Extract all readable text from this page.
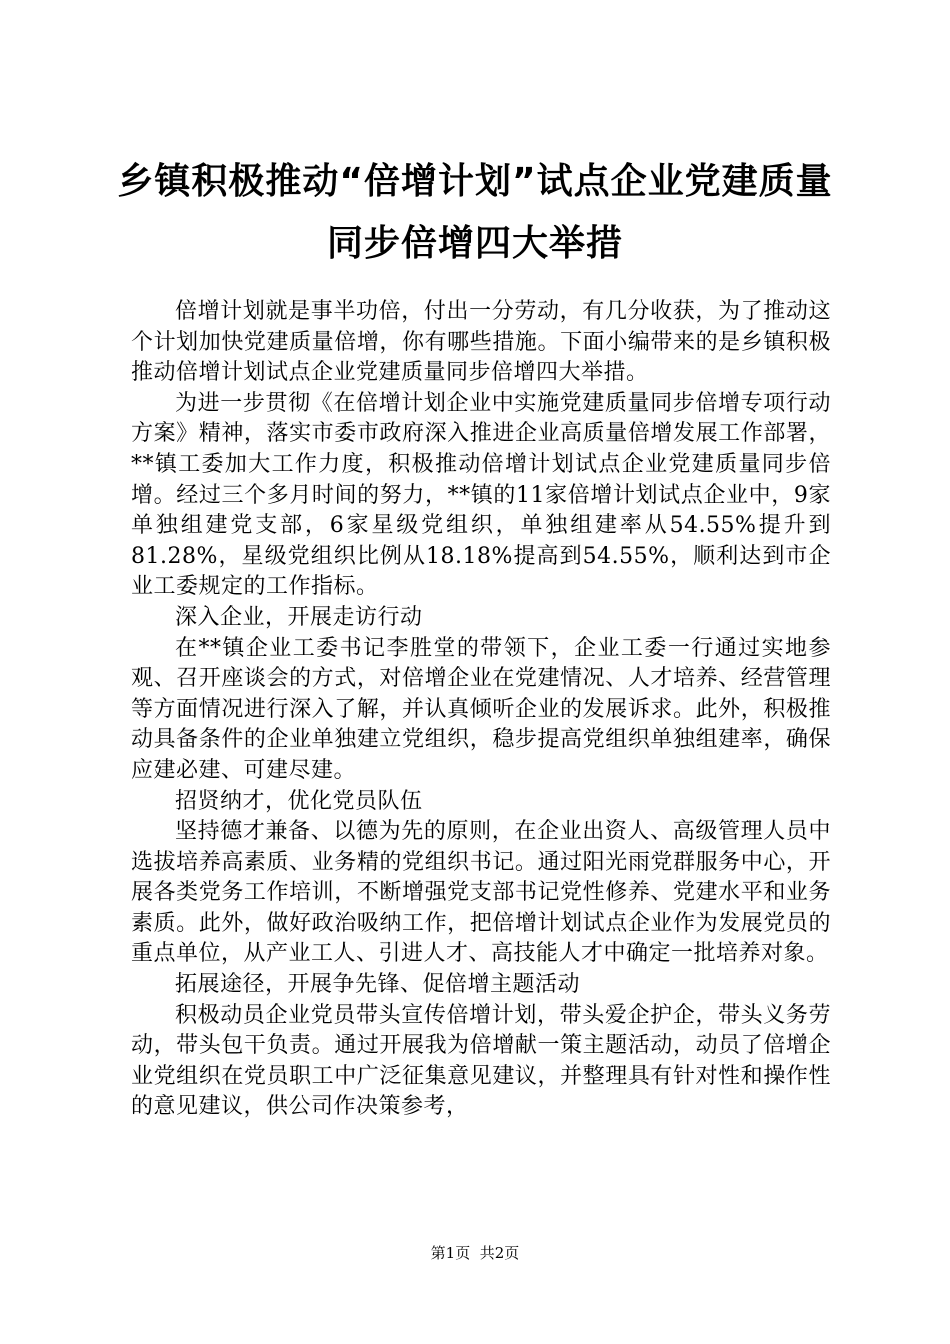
乡镇积极推动“倍增计划”试点企业党建质量
同步倍增四大举措

倍增计划就是事半功倍，付出一分劳动，有几分收获，为了推动这个计划加快党建质量倍增，你有哪些措施。下面小编带来的是乡镇积极推动倍增计划试点企业党建质量同步倍增四大举措。

为进一步贯彻《在倍增计划企业中实施党建质量同步倍增专项行动方案》精神，落实市委市政府深入推进企业高质量倍增发展工作部署，**镇工委加大工作力度，积极推动倍增计划试点企业党建质量同步倍增。经过三个多月时间的努力，**镇的11家倍增计划试点企业中，9家单独组建党支部，6家星级党组织，单独组建率从54.55%提升到81.28%，星级党组织比例从18.18%提高到54.55%，顺利达到市企业工委规定的工作指标。

深入企业，开展走访行动

在**镇企业工委书记李胜堂的带领下，企业工委一行通过实地参观、召开座谈会的方式，对倍增企业在党建情况、人才培养、经营管理等方面情况进行深入了解，并认真倾听企业的发展诉求。此外，积极推动具备条件的企业单独建立党组织，稳步提高党组织单独组建率，确保应建必建、可建尽建。

招贤纳才，优化党员队伍

坚持德才兼备、以德为先的原则，在企业出资人、高级管理人员中选拔培养高素质、业务精的党组织书记。通过阳光雨党群服务中心，开展各类党务工作培训，不断增强党支部书记党性修养、党建水平和业务素质。此外，做好政治吸纳工作，把倍增计划试点企业作为发展党员的重点单位，从产业工人、引进人才、高技能人才中确定一批培养对象。

拓展途径，开展争先锋、促倍增主题活动

积极动员企业党员带头宣传倍增计划，带头爱企护企，带头义务劳动，带头包干负责。通过开展我为倍增献一策主题活动，动员了倍增企业党组织在党员职工中广泛征集意见建议，并整理具有针对性和操作性的意见建议，供公司作决策参考，

第1页 共2页
